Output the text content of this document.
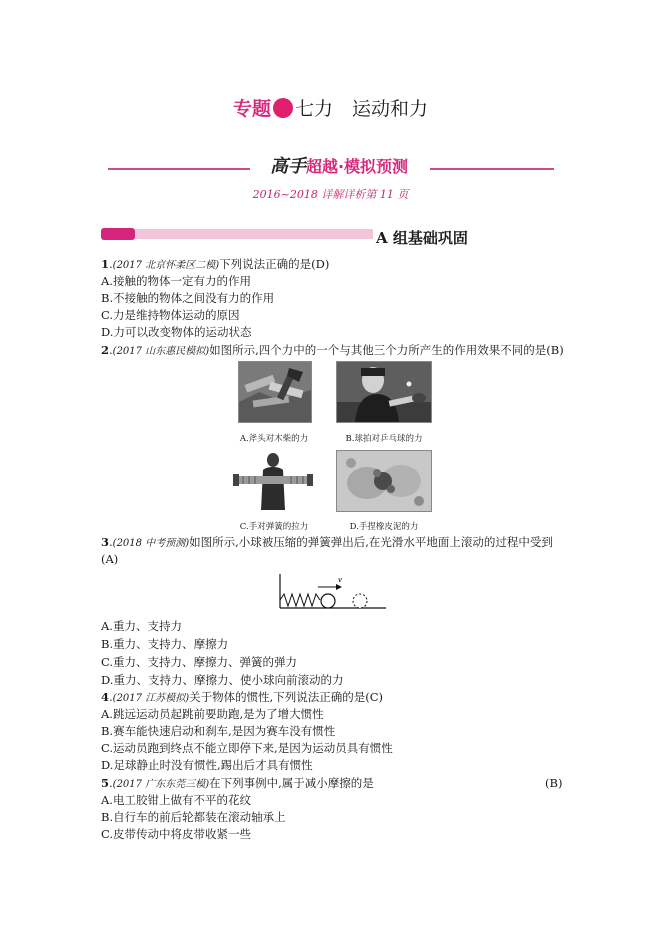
专题 七力　运动和力
高手超越·模拟预测
2016~2018 详解详析第 11 页
A 组基础巩固
1.(2017 北京怀柔区二模)下列说法正确的是(D)
A.接触的物体一定有力的作用
B.不接触的物体之间没有力的作用
C.力是维持物体运动的原因
D.力可以改变物体的运动状态
2.(2017 山东惠民模拟)如图所示,四个力中的一个与其他三个力所产生的作用效果不同的是(B)
A.斧头对木柴的力	B.球拍对乒乓球的力
C.手对弹簧的拉力	D.手捏橡皮泥的力
3.(2018 中考预测)如图所示,小球被压缩的弹簧弹出后,在光滑水平地面上滚动的过程中受到
(A)
v
A.重力、支持力
B.重力、支持力、摩擦力
C.重力、支持力、摩擦力、弹簧的弹力
D.重力、支持力、摩擦力、使小球向前滚动的力
4.(2017 江苏模拟)关于物体的惯性,下列说法正确的是(C)
A.跳远运动员起跳前要助跑,是为了增大惯性
B.赛车能快速启动和刹车,是因为赛车没有惯性
C.运动员跑到终点不能立即停下来,是因为运动员具有惯性
D.足球静止时没有惯性,踢出后才具有惯性
5.(2017 广东东莞三模)在下列事例中,属于减小摩擦的是	(B)
A.电工胶钳上做有不平的花纹
B.自行车的前后轮都装在滚动轴承上
C.皮带传动中将皮带收紧一些
